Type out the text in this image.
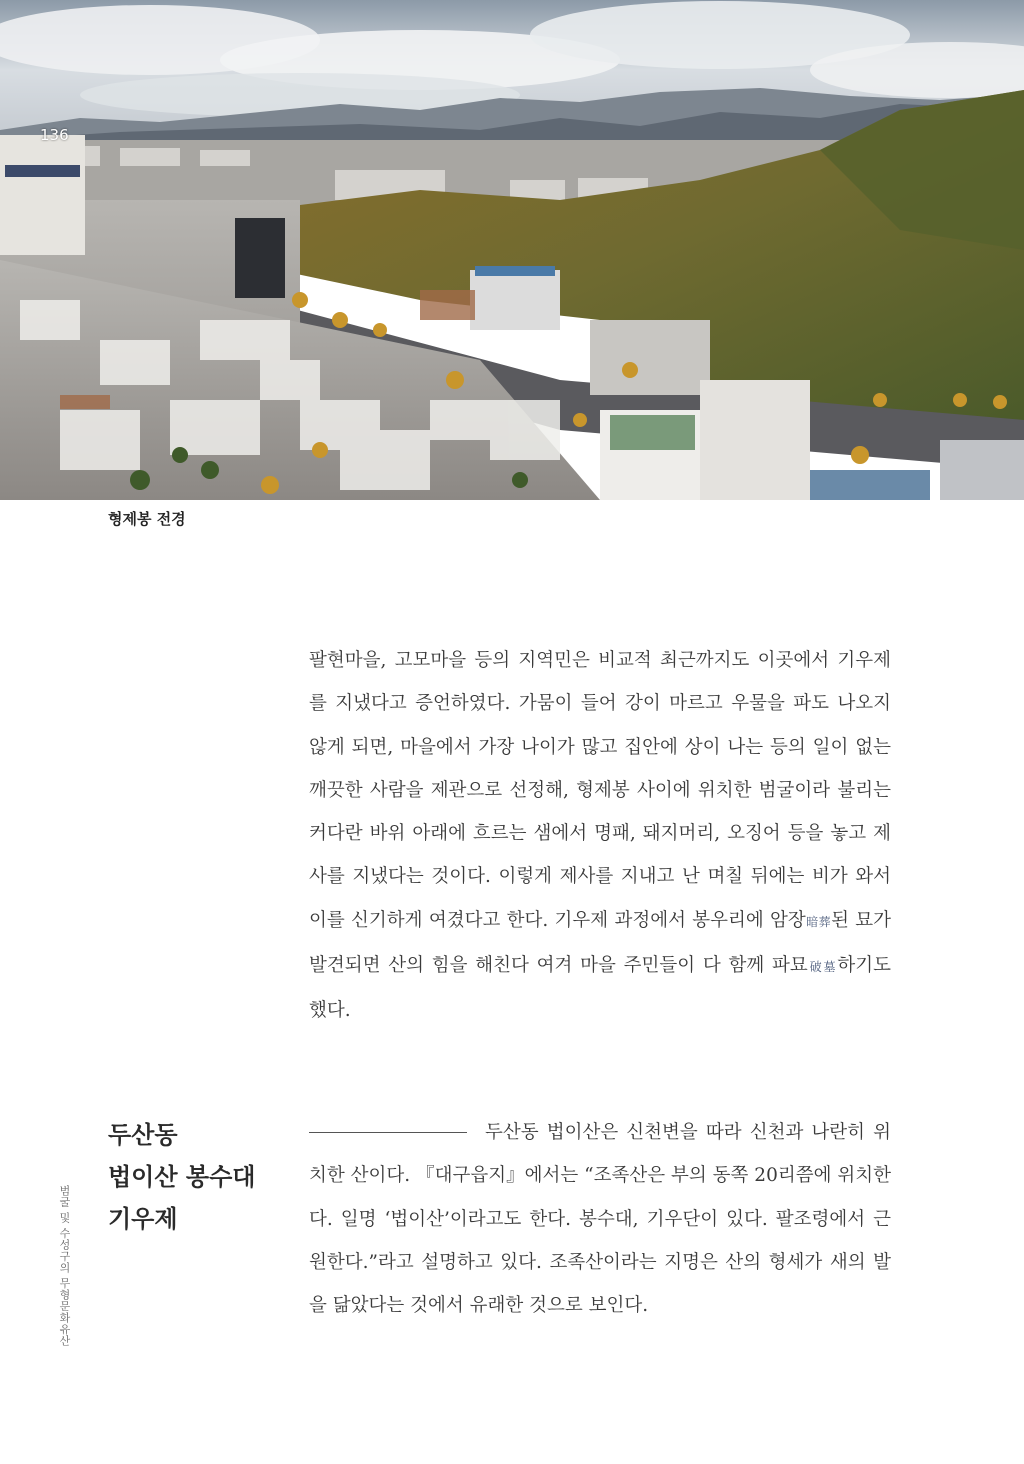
136
형제봉 전경

팔현마을, 고모마을 등의 지역민은 비교적 최근까지도 이곳에서 기우제를 지냈다고 증언하였다. 가뭄이 들어 강이 마르고 우물을 파도 나오지 않게 되면, 마을에서 가장 나이가 많고 집안에 상이 나는 등의 일이 없는 깨끗한 사람을 제관으로 선정해, 형제봉 사이에 위치한 범굴이라 불리는 커다란 바위 아래에 흐르는 샘에서 명패, 돼지머리, 오징어 등을 놓고 제사를 지냈다는 것이다. 이렇게 제사를 지내고 난 며칠 뒤에는 비가 와서 이를 신기하게 여겼다고 한다. 기우제 과정에서 봉우리에 암장暗葬된 묘가 발견되면 산의 힘을 해친다 여겨 마을 주민들이 다 함께 파묘破墓하기도 했다.

두산동
법이산 봉수대
기우제

두산동 법이산은 신천변을 따라 신천과 나란히 위치한 산이다. 『대구읍지』에서는 “조족산은 부의 동쪽 20리쯤에 위치한다. 일명 ‘법이산’이라고도 한다. 봉수대, 기우단이 있다. 팔조령에서 근원한다.”라고 설명하고 있다. 조족산이라는 지명은 산의 형세가 새의 발을 닮았다는 것에서 유래한 것으로 보인다.

범굴 및 수성구의 무형문화유산
